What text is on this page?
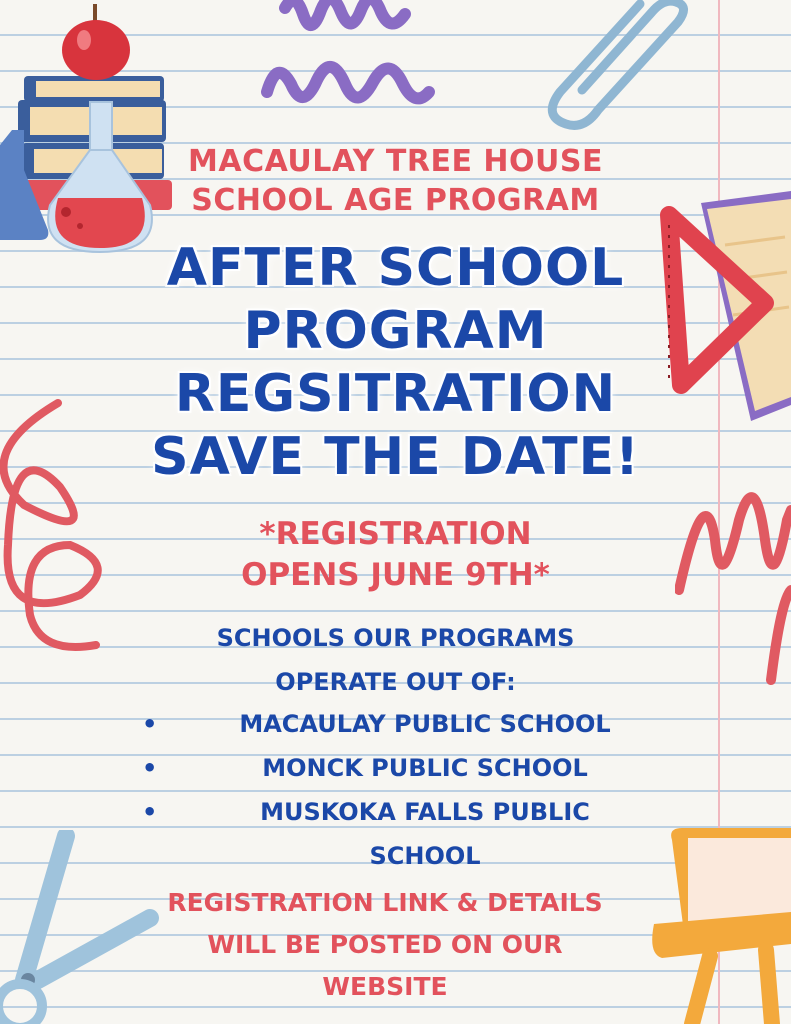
MACAULAY TREE HOUSE
SCHOOL AGE PROGRAM
AFTER SCHOOL
PROGRAM
REGSITRATION
SAVE THE DATE!
*REGISTRATION
OPENS JUNE 9TH*
SCHOOLS OUR PROGRAMS
OPERATE OUT OF:
•
•
•
MACAULAY PUBLIC SCHOOL
MONCK PUBLIC SCHOOL
MUSKOKA FALLS PUBLIC
SCHOOL
REGISTRATION LINK & DETAILS
WILL BE POSTED ON OUR
WEBSITE
